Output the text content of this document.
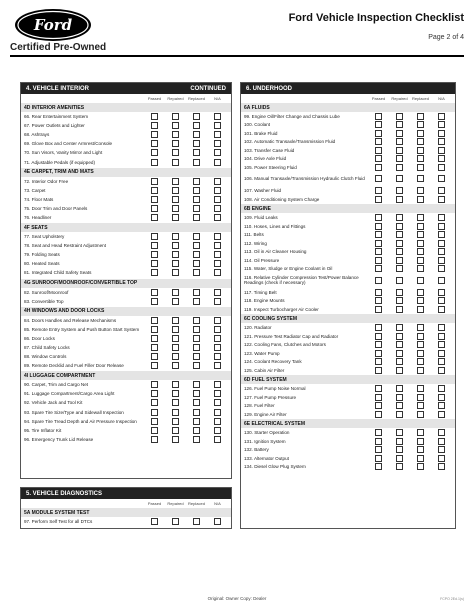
Ford
Certified Pre-Owned
Ford Vehicle Inspection Checklist
Page 2 of 4
4. VEHICLE INTERIOR	CONTINUED
Passed	Repaired	Replaced	N/A
4D INTERIOR AMENITIES
66. Rear Entertainment System
67. Power Outlets and Lighter
68. Ashtrays
69. Glove Box and Center Armrest/Console
70. Sun Visors, Vanity Mirror and Light
71. Adjustable Pedals (if equipped)
4E CARPET, TRIM AND MATS
72. Interior Odor Free
73. Carpet
74. Floor Mats
75. Door Trim and Door Panels
76. Headliner
4F SEATS
77. Seat Upholstery
78. Seat and Head Restraint Adjustment
79. Folding Seats
80. Heated Seats
81. Integrated Child Safety Seats
4G SUNROOF/MOONROOF/CONVERTIBLE TOP
82. Sunroof/Moonroof
83. Convertible Top
4H WINDOWS AND DOOR LOCKS
84. Doors Handles and Release Mechanisms
85. Remote Entry System and Push Button Start System
86. Door Locks
87. Child Safety Locks
88. Window Controls
89. Remote Decklid and Fuel Filler Door Release
4I LUGGAGE COMPARTMENT
90. Carpet, Trim and Cargo Net
91. Luggage Compartment/Cargo Area Light
92. Vehicle Jack and Tool Kit
93. Spare Tire Size/Type and Sidewall Inspection
94. Spare Tire Tread Depth and Air Pressure Inspection
95. Tire Inflator Kit
96. Emergency Trunk Lid Release
5. VEHICLE DIAGNOSTICS
Passed	Repaired	Replaced	N/A
5A MODULE SYSTEM TEST
97. Perform Self Test for all DTCs
6. UNDERHOOD
Passed	Repaired	Replaced	N/A
6A FLUIDS
99. Engine Oil/Filter Change and Chassis Lube
100. Coolant
101. Brake Fluid
102. Automatic Transaxle/Transmission Fluid
103. Transfer Case Fluid
104. Drive Axle Fluid
105. Power Steering Fluid
106. Manual Transaxle/Transmission Hydraulic Clutch Fluid
107. Washer Fluid
108. Air Conditioning System Charge
6B ENGINE
109. Fluid Leaks
110. Hoses, Lines and Fittings
111. Belts
112. Wiring
113. Oil in Air Cleaner Housing
114. Oil Pressure
115. Water, Sludge or Engine Coolant in Oil
116. Relative Cylinder Compression Test/Power Balance Readings (check if necessary)
117. Timing Belt
118. Engine Mounts
119. Inspect Turbocharger Air Cooler
6C COOLING SYSTEM
120. Radiator
121. Pressure Test Radiator Cap and Radiator
122. Cooling Fans, Clutches and Motors
123. Water Pump
124. Coolant Recovery Tank
125. Cabin Air Filter
6D FUEL SYSTEM
126. Fuel Pump Noise Normal
127. Fuel Pump Pressure
128. Fuel Filter
129. Engine Air Filter
6E ELECTRICAL SYSTEM
130. Starter Operation
131. Ignition System
132. Battery
133. Alternator Output
134. Diesel Glow Plug System
Original: Owner Copy: Dealer	FCPO 2Ed.1(s)
